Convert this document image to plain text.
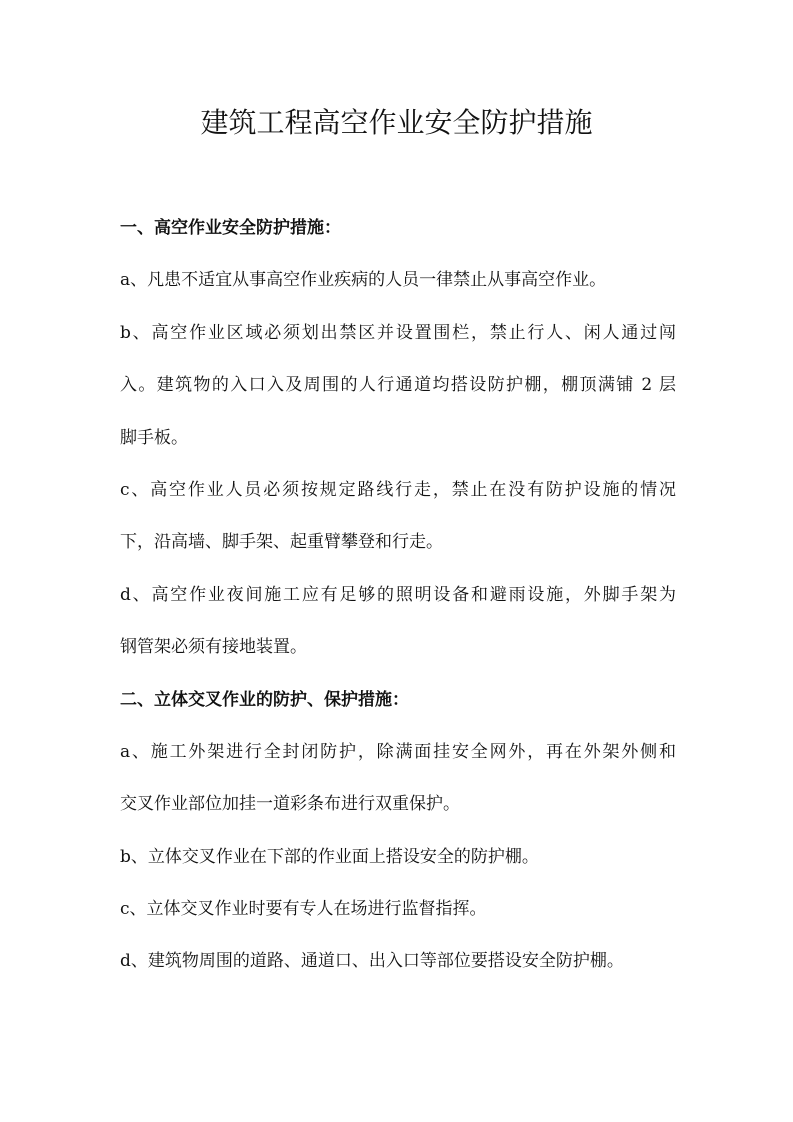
建筑工程高空作业安全防护措施
一、高空作业安全防护措施：
a、凡患不适宜从事高空作业疾病的人员一律禁止从事高空作业。
b、高空作业区域必须划出禁区并设置围栏，禁止行人、闲人通过闯
入。建筑物的入口入及周围的人行通道均搭设防护棚，棚顶满铺 2 层
脚手板。
c、高空作业人员必须按规定路线行走，禁止在没有防护设施的情况
下，沿高墙、脚手架、起重臂攀登和行走。
d、高空作业夜间施工应有足够的照明设备和避雨设施，外脚手架为
钢管架必须有接地装置。
二、立体交叉作业的防护、保护措施：
a、施工外架进行全封闭防护，除满面挂安全网外，再在外架外侧和
交叉作业部位加挂一道彩条布进行双重保护。
b、立体交叉作业在下部的作业面上搭设安全的防护棚。
c、立体交叉作业时要有专人在场进行监督指挥。
d、建筑物周围的道路、通道口、出入口等部位要搭设安全防护棚。
